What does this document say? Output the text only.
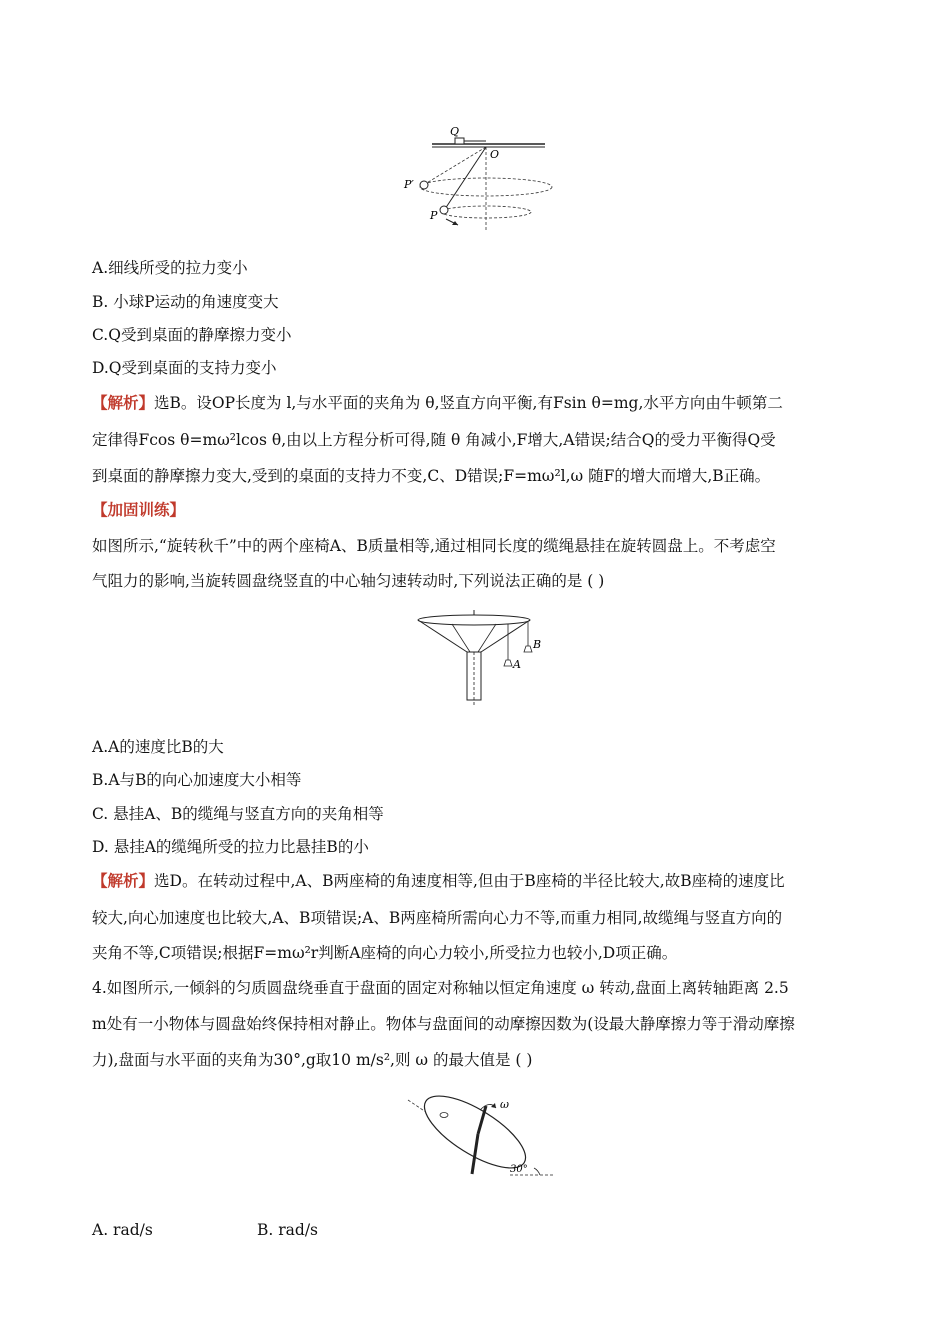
Q
O
P′
P
A.细线所受的拉力变小
B. 小球P运动的角速度变大
C.Q受到桌面的静摩擦力变小
D.Q受到桌面的支持力变小
【解析】选B。设OP长度为 l,与水平面的夹角为 θ,竖直方向平衡,有Fsin θ=mg,水平方向由牛顿第二
定律得Fcos θ=mω²lcos θ,由以上方程分析可得,随 θ 角减小,F增大,A错误;结合Q的受力平衡得Q受
到桌面的静摩擦力变大,受到的桌面的支持力不变,C、D错误;F=mω²l,ω 随F的增大而增大,B正确。
【加固训练】
如图所示,“旋转秋千”中的两个座椅A、B质量相等,通过相同长度的缆绳悬挂在旋转圆盘上。不考虑空
气阻力的影响,当旋转圆盘绕竖直的中心轴匀速转动时,下列说法正确的是 ( )
A
B
A.A的速度比B的大
B.A与B的向心加速度大小相等
C. 悬挂A、B的缆绳与竖直方向的夹角相等
D. 悬挂A的缆绳所受的拉力比悬挂B的小
【解析】选D。在转动过程中,A、B两座椅的角速度相等,但由于B座椅的半径比较大,故B座椅的速度比
较大,向心加速度也比较大,A、B项错误;A、B两座椅所需向心力不等,而重力相同,故缆绳与竖直方向的
夹角不等,C项错误;根据F=mω²r判断A座椅的向心力较小,所受拉力也较小,D项正确。
4.如图所示,一倾斜的匀质圆盘绕垂直于盘面的固定对称轴以恒定角速度 ω 转动,盘面上离转轴距离 2.5
m处有一小物体与圆盘始终保持相对静止。物体与盘面间的动摩擦因数为(设最大静摩擦力等于滑动摩擦
力),盘面与水平面的夹角为30°,g取10 m/s²,则 ω 的最大值是 ( )
ω
30°
A. rad/s	B. rad/s
